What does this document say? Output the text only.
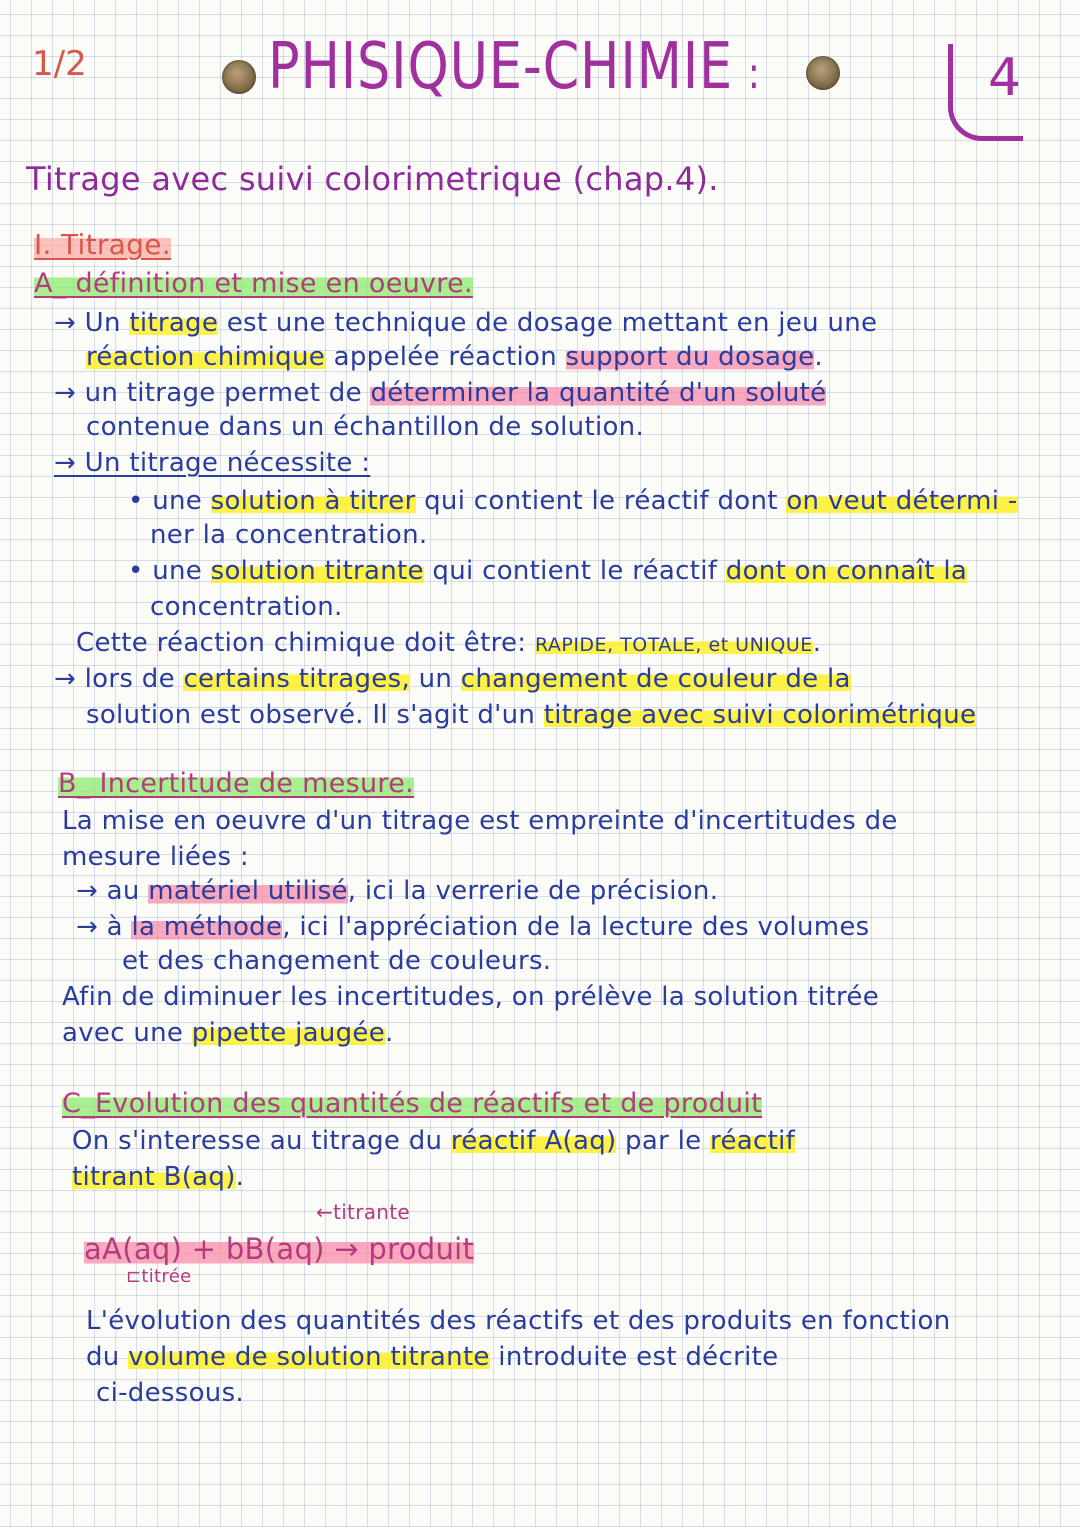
1/2	PHISIQUE-CHIMIE :	4
Titrage avec suivi colorimetrique (chap.4).
I. Titrage.
A_ définition et mise en oeuvre.
→ Un titrage est une technique de dosage mettant en jeu une
réaction chimique appelée réaction support du dosage.
→ un titrage permet de déterminer la quantité d'un soluté
contenue dans un échantillon de solution.
→ Un titrage nécessite :
• une solution à titrer qui contient le réactif dont on veut détermi -
ner la concentration.
• une solution titrante qui contient le réactif dont on connaît la
concentration.
Cette réaction chimique doit être: RAPIDE, TOTALE, et UNIQUE.
→ lors de certains titrages, un changement de couleur de la
solution est observé. Il s'agit d'un titrage avec suivi colorimétrique
B_ Incertitude de mesure.
La mise en oeuvre d'un titrage est empreinte d'incertitudes de
mesure liées :
→ au matériel utilisé, ici la verrerie de précision.
→ à la méthode, ici l'appréciation de la lecture des volumes
et des changement de couleurs.
Afin de diminuer les incertitudes, on prélève la solution titrée
avec une pipette jaugée.
C_Evolution des quantités de réactifs et de produit
On s'interesse au titrage du réactif A(aq) par le réactif
titrant B(aq).
←titrante
aA(aq) + bB(aq) → produit
⊏titrée
L'évolution des quantités des réactifs et des produits en fonction
du volume de solution titrante introduite est décrite
ci-dessous.
